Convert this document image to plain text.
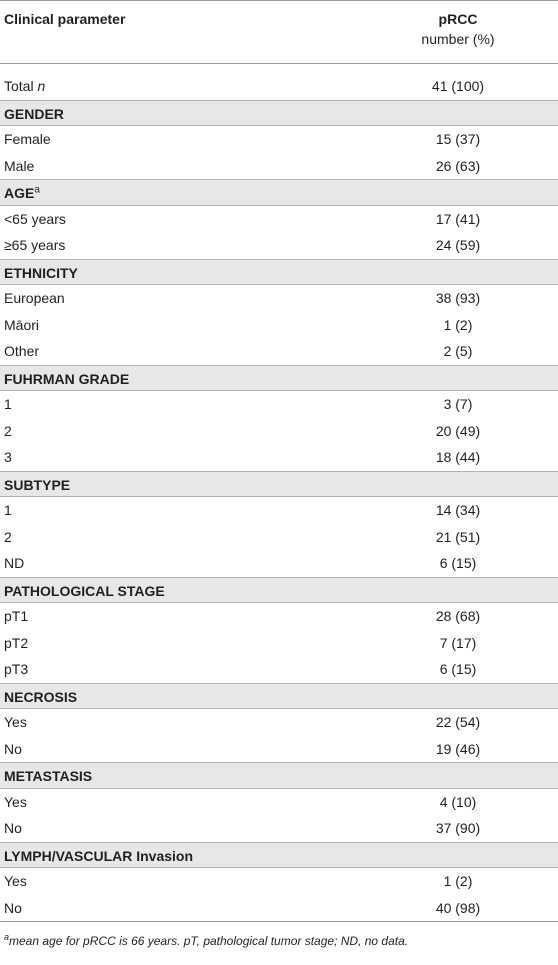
Clinical parameter	pRCC
number (%)
Total n	41 (100)
GENDER
Female	15 (37)
Male	26 (63)
$AGE^a$
<65 years	17 (41)
≥65 years	24 (59)
ETHNICITY
European	38 (93)
Māori	1 (2)
Other	2 (5)
FUHRMAN GRADE
1	3 (7)
2	20 (49)
3	18 (44)
SUBTYPE
1	14 (34)
2	21 (51)
ND	6 (15)
PATHOLOGICAL STAGE
pT1	28 (68)
pT2	7 (17)
pT3	6 (15)
NECROSIS
Yes	22 (54)
No	19 (46)
METASTASIS
Yes	4 (10)
No	37 (90)
LYMPH/VASCULAR Invasion
Yes	1 (2)
No	40 (98)
$^a$mean age for pRCC is 66 years. pT, pathological tumor stage; ND, no data.
